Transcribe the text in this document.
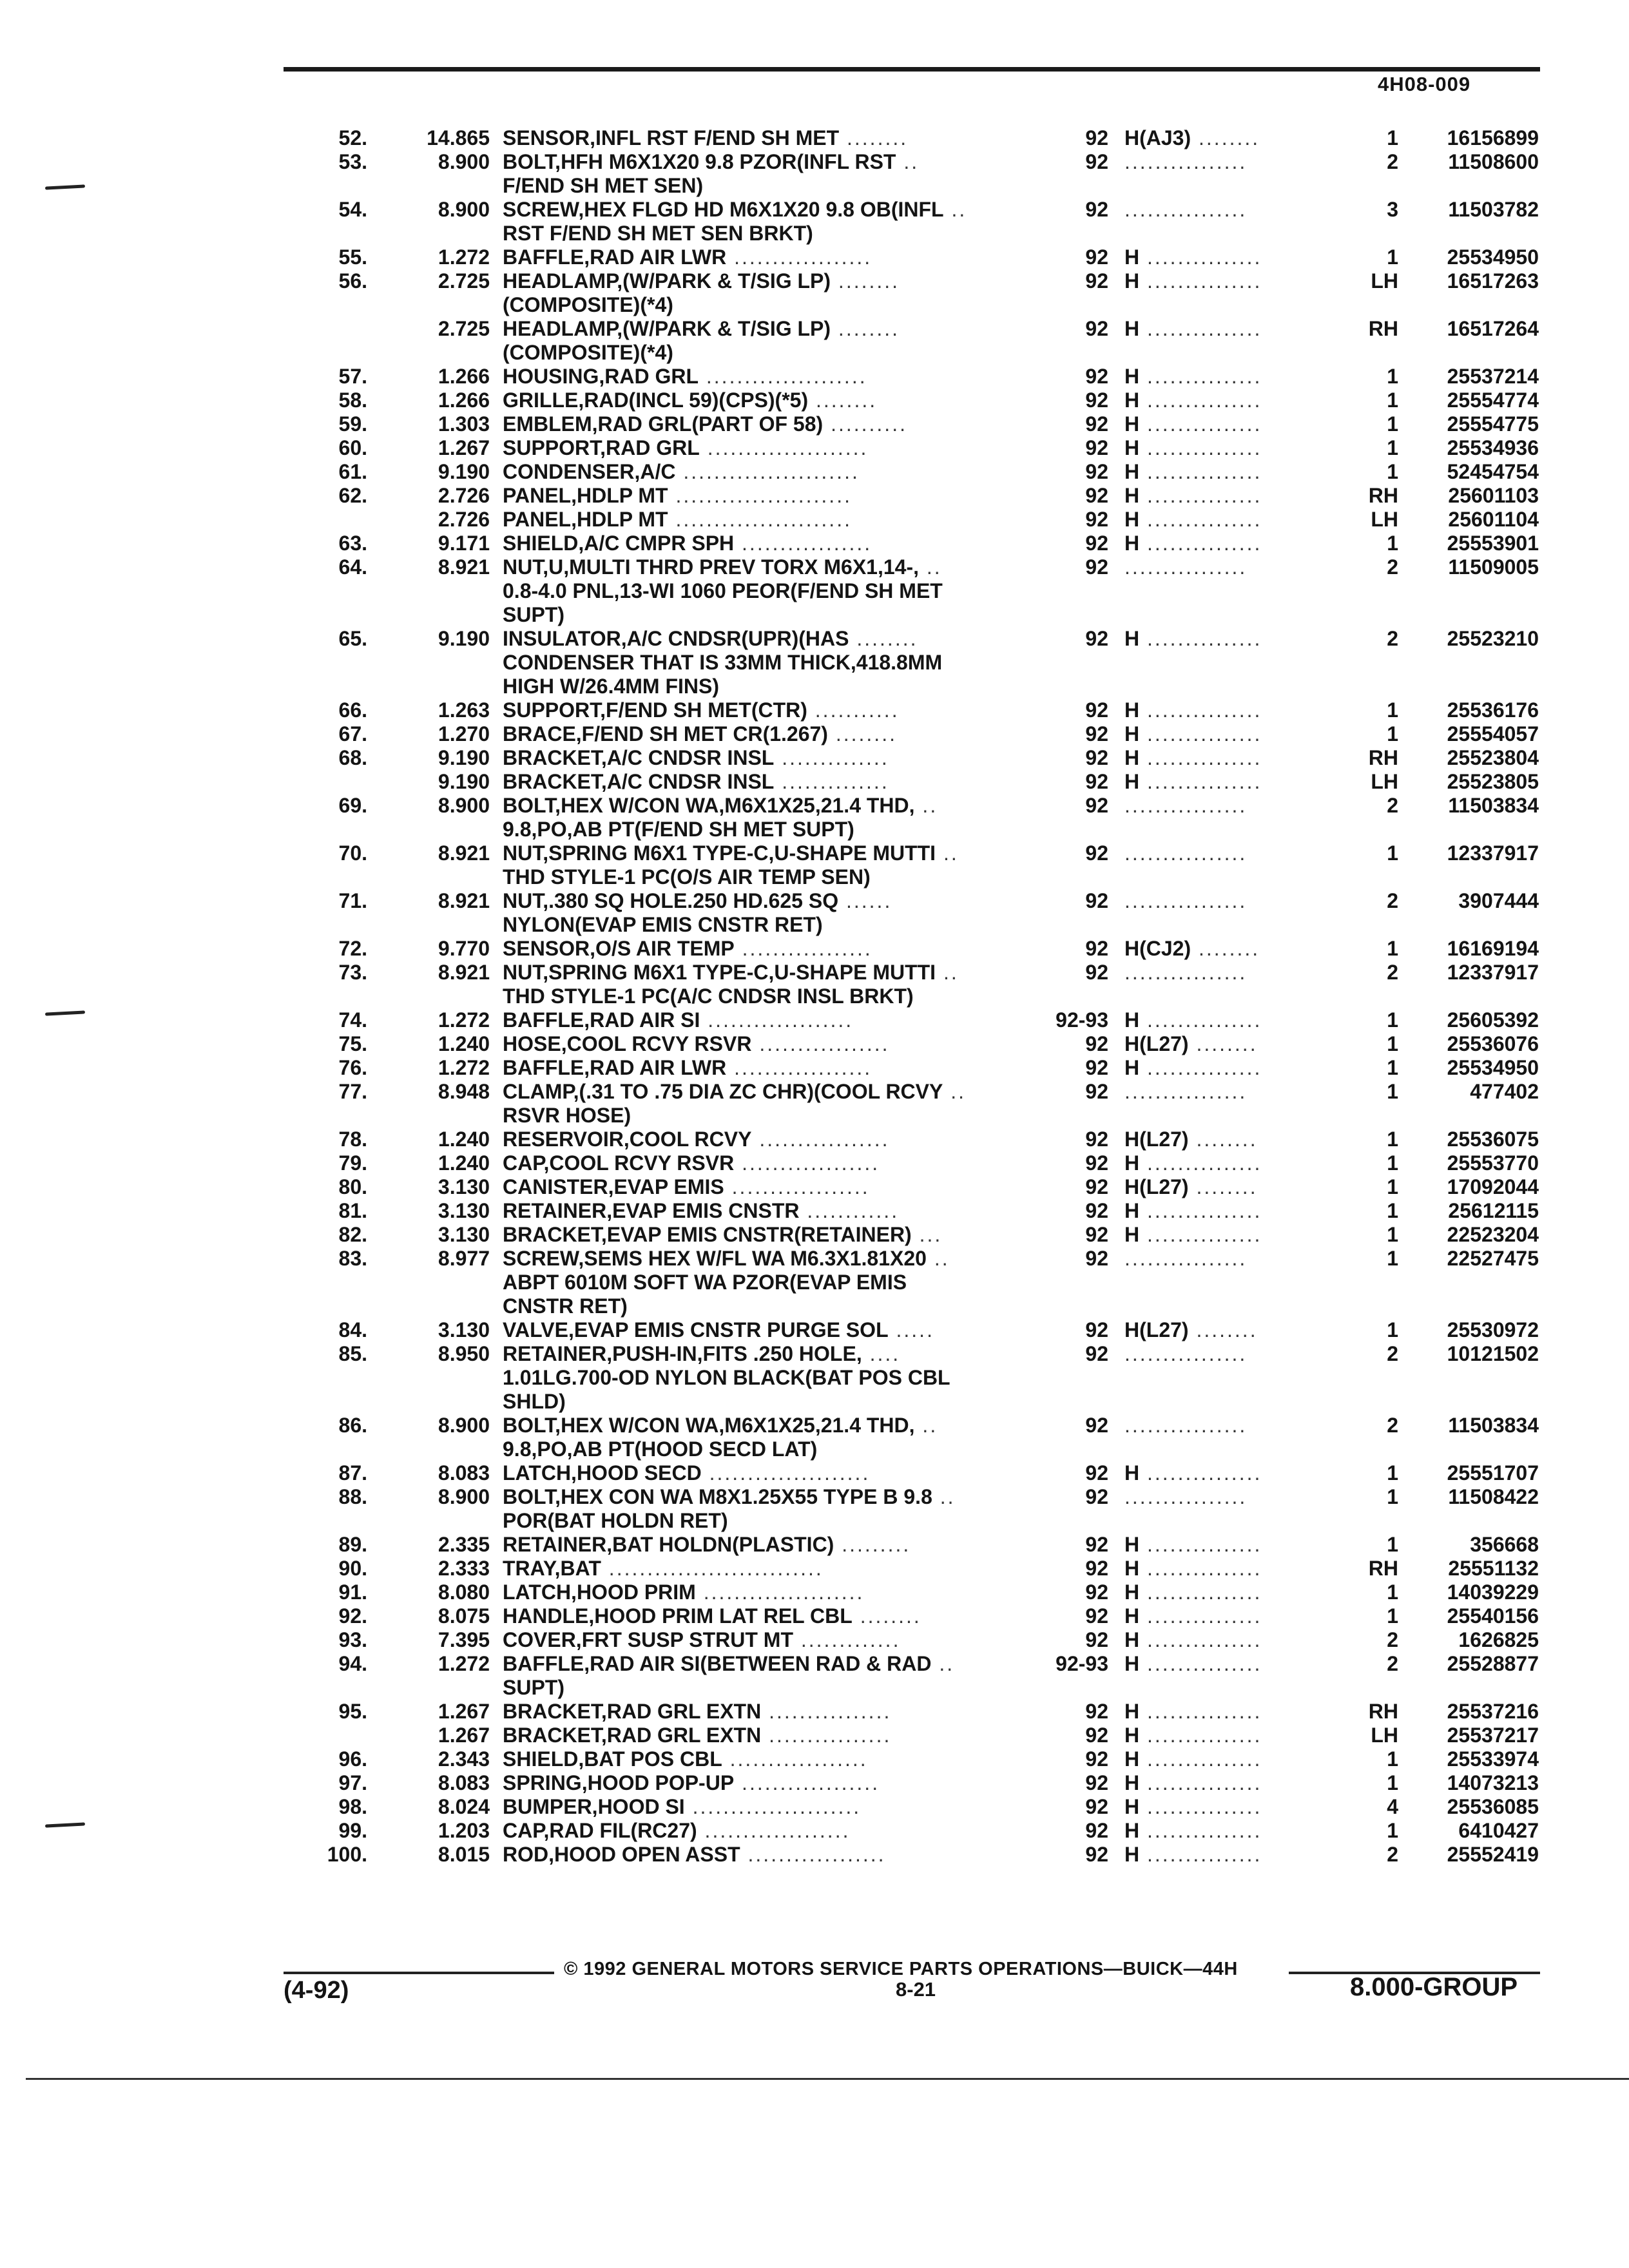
4H08-009
52.	14.865 SENSOR,INFL RST F/END SH MET ........	92 H(AJ3) ........	1	16156899
53.	8.900 BOLT,HFH M6X1X20 9.8 PZOR(INFL RST ..	92 ................	2	11508600
F/END SH MET SEN)
54.	8.900 SCREW,HEX FLGD HD M6X1X20 9.8 OB(INFL ..	92 ................	3	11503782
RST F/END SH MET SEN BRKT)
55.	1.272 BAFFLE,RAD AIR LWR ..................	92 H ...............	1	25534950
56.	2.725 HEADLAMP,(W/PARK & T/SIG LP) ........	92 H ...............	LH	16517263
(COMPOSITE)(*4)
2.725 HEADLAMP,(W/PARK & T/SIG LP) ........	92 H ...............	RH	16517264
(COMPOSITE)(*4)
57.	1.266 HOUSING,RAD GRL .....................	92 H ...............	1	25537214
58.	1.266 GRILLE,RAD(INCL 59)(CPS)(*5) ........	92 H ...............	1	25554774
59.	1.303 EMBLEM,RAD GRL(PART OF 58) ..........	92 H ...............	1	25554775
60.	1.267 SUPPORT,RAD GRL .....................	92 H ...............	1	25534936
61.	9.190 CONDENSER,A/C .......................	92 H ...............	1	52454754
62.	2.726 PANEL,HDLP MT .......................	92 H ...............	RH	25601103
2.726 PANEL,HDLP MT .......................	92 H ...............	LH	25601104
63.	9.171 SHIELD,A/C CMPR SPH .................	92 H ...............	1	25553901
64.	8.921 NUT,U,MULTI THRD PREV TORX M6X1,14-, ..	92 ................	2	11509005
0.8-4.0 PNL,13-WI 1060 PEOR(F/END SH MET
SUPT)
65.	9.190 INSULATOR,A/C CNDSR(UPR)(HAS ........	92 H ...............	2	25523210
CONDENSER THAT IS 33MM THICK,418.8MM
HIGH W/26.4MM FINS)
66.	1.263 SUPPORT,F/END SH MET(CTR) ...........	92 H ...............	1	25536176
67.	1.270 BRACE,F/END SH MET CR(1.267) ........	92 H ...............	1	25554057
68.	9.190 BRACKET,A/C CNDSR INSL ..............	92 H ...............	RH	25523804
9.190 BRACKET,A/C CNDSR INSL ..............	92 H ...............	LH	25523805
69.	8.900 BOLT,HEX W/CON WA,M6X1X25,21.4 THD, ..	92 ................	2	11503834
9.8,PO,AB PT(F/END SH MET SUPT)
70.	8.921 NUT,SPRING M6X1 TYPE-C,U-SHAPE MUTTI ..	92 ................	1	12337917
THD STYLE-1 PC(O/S AIR TEMP SEN)
71.	8.921 NUT,.380 SQ HOLE.250 HD.625 SQ ......	92 ................	2	3907444
NYLON(EVAP EMIS CNSTR RET)
72.	9.770 SENSOR,O/S AIR TEMP .................	92 H(CJ2) ........	1	16169194
73.	8.921 NUT,SPRING M6X1 TYPE-C,U-SHAPE MUTTI ..	92 ................	2	12337917
THD STYLE-1 PC(A/C CNDSR INSL BRKT)
74.	1.272 BAFFLE,RAD AIR SI ...................	92-93 H ...............	1	25605392
75.	1.240 HOSE,COOL RCVY RSVR .................	92 H(L27) ........	1	25536076
76.	1.272 BAFFLE,RAD AIR LWR ..................	92 H ...............	1	25534950
77.	8.948 CLAMP,(.31 TO .75 DIA ZC CHR)(COOL RCVY ..	92 ................	1	477402
RSVR HOSE)
78.	1.240 RESERVOIR,COOL RCVY .................	92 H(L27) ........	1	25536075
79.	1.240 CAP,COOL RCVY RSVR ..................	92 H ...............	1	25553770
80.	3.130 CANISTER,EVAP EMIS ..................	92 H(L27) ........	1	17092044
81.	3.130 RETAINER,EVAP EMIS CNSTR ............	92 H ...............	1	25612115
82.	3.130 BRACKET,EVAP EMIS CNSTR(RETAINER) ...	92 H ...............	1	22523204
83.	8.977 SCREW,SEMS HEX W/FL WA M6.3X1.81X20 ..	92 ................	1	22527475
ABPT 6010M SOFT WA PZOR(EVAP EMIS
CNSTR RET)
84.	3.130 VALVE,EVAP EMIS CNSTR PURGE SOL .....	92 H(L27) ........	1	25530972
85.	8.950 RETAINER,PUSH-IN,FITS .250 HOLE, ....	92 ................	2	10121502
1.01LG.700-OD NYLON BLACK(BAT POS CBL
SHLD)
86.	8.900 BOLT,HEX W/CON WA,M6X1X25,21.4 THD, ..	92 ................	2	11503834
9.8,PO,AB PT(HOOD SECD LAT)
87.	8.083 LATCH,HOOD SECD .....................	92 H ...............	1	25551707
88.	8.900 BOLT,HEX CON WA M8X1.25X55 TYPE B 9.8 ..	92 ................	1	11508422
POR(BAT HOLDN RET)
89.	2.335 RETAINER,BAT HOLDN(PLASTIC) .........	92 H ...............	1	356668
90.	2.333 TRAY,BAT ............................	92 H ...............	RH	25551132
91.	8.080 LATCH,HOOD PRIM .....................	92 H ...............	1	14039229
92.	8.075 HANDLE,HOOD PRIM LAT REL CBL ........	92 H ...............	1	25540156
93.	7.395 COVER,FRT SUSP STRUT MT .............	92 H ...............	2	1626825
94.	1.272 BAFFLE,RAD AIR SI(BETWEEN RAD & RAD ..	92-93 H ...............	2	25528877
SUPT)
95.	1.267 BRACKET,RAD GRL EXTN ................	92 H ...............	RH	25537216
1.267 BRACKET,RAD GRL EXTN ................	92 H ...............	LH	25537217
96.	2.343 SHIELD,BAT POS CBL ..................	92 H ...............	1	25533974
97.	8.083 SPRING,HOOD POP-UP ..................	92 H ...............	1	14073213
98.	8.024 BUMPER,HOOD SI ......................	92 H ...............	4	25536085
99.	1.203 CAP,RAD FIL(RC27) ...................	92 H ...............	1	6410427
100.	8.015 ROD,HOOD OPEN ASST ..................	92 H ...............	2	25552419
© 1992 GENERAL MOTORS SERVICE PARTS OPERATIONS—BUICK—44H
(4-92)	8-21	8.000-GROUP
